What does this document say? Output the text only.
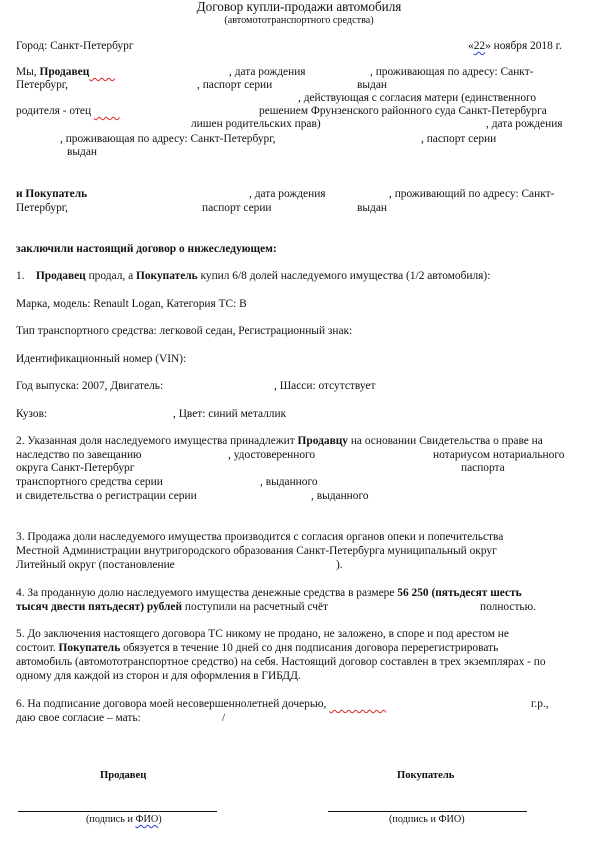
Договор купли-продажи автомобиля
(автомототранспортного средства)
Город: Санкт-Петербург	«22» ноября 2018 г.
Мы, Продавец	, дата рождения	, проживающая по адресу: Санкт-
Петербург,	, паспорт серии	выдан
, действующая с согласия матери (единственного
родителя - отец	решением Фрунзенского районного суда Санкт-Петербурга
лишен родительских прав)	, дата рождения
, проживающая по адресу: Санкт-Петербург,	, паспорт серии
выдан
и Покупатель	, дата рождения	, проживающий по адресу: Санкт-
Петербург,	паспорт серии	выдан
заключили настоящий договор о нижеследующем:
1. Продавец продал, а Покупатель купил 6/8 долей наследуемого имущества (1/2 автомобиля):
Марка, модель: Renault Logan, Категория ТС: B
Тип транспортного средства: легковой седан, Регистрационный знак:
Идентификационный номер (VIN):
Год выпуска: 2007, Двигатель:	, Шасси: отсутствует
Кузов:	, Цвет: синий металлик
2. Указанная доля наследуемого имущества принадлежит Продавцу на основании Свидетельства о праве на
наследство по завещанию	, удостоверенного	нотариусом нотариального
округа Санкт-Петербург	паспорта
транспортного средства серии	, выданного
и свидетельства о регистрации серии	, выданного
3. Продажа доли наследуемого имущества производится с согласия органов опеки и попечительства
Местной Администрации внутригородского образования Санкт-Петербурга муниципальный округ
Литейный округ (постановление	).
4. За проданную долю наследуемого имущества денежные средства в размере 56 250 (пятьдесят шесть
тысяч двести пятьдесят) рублей поступили на расчетный счёт	полностью.
5. До заключения настоящего договора ТС никому не продано, не заложено, в споре и под арестом не
состоит. Покупатель обязуется в течение 10 дней со дня подписания договора перерегистрировать
автомобиль (автомототранспортное средство) на себя. Настоящий договор составлен в трех экземплярах - по
одному для каждой из сторон и для оформления в ГИБДД.
6. На подписание договора моей несовершеннолетней дочерью,	г.р.,
даю свое согласие – мать:	/
Продавец	Покупатель
(подпись и ФИО)	(подпись и ФИО)
